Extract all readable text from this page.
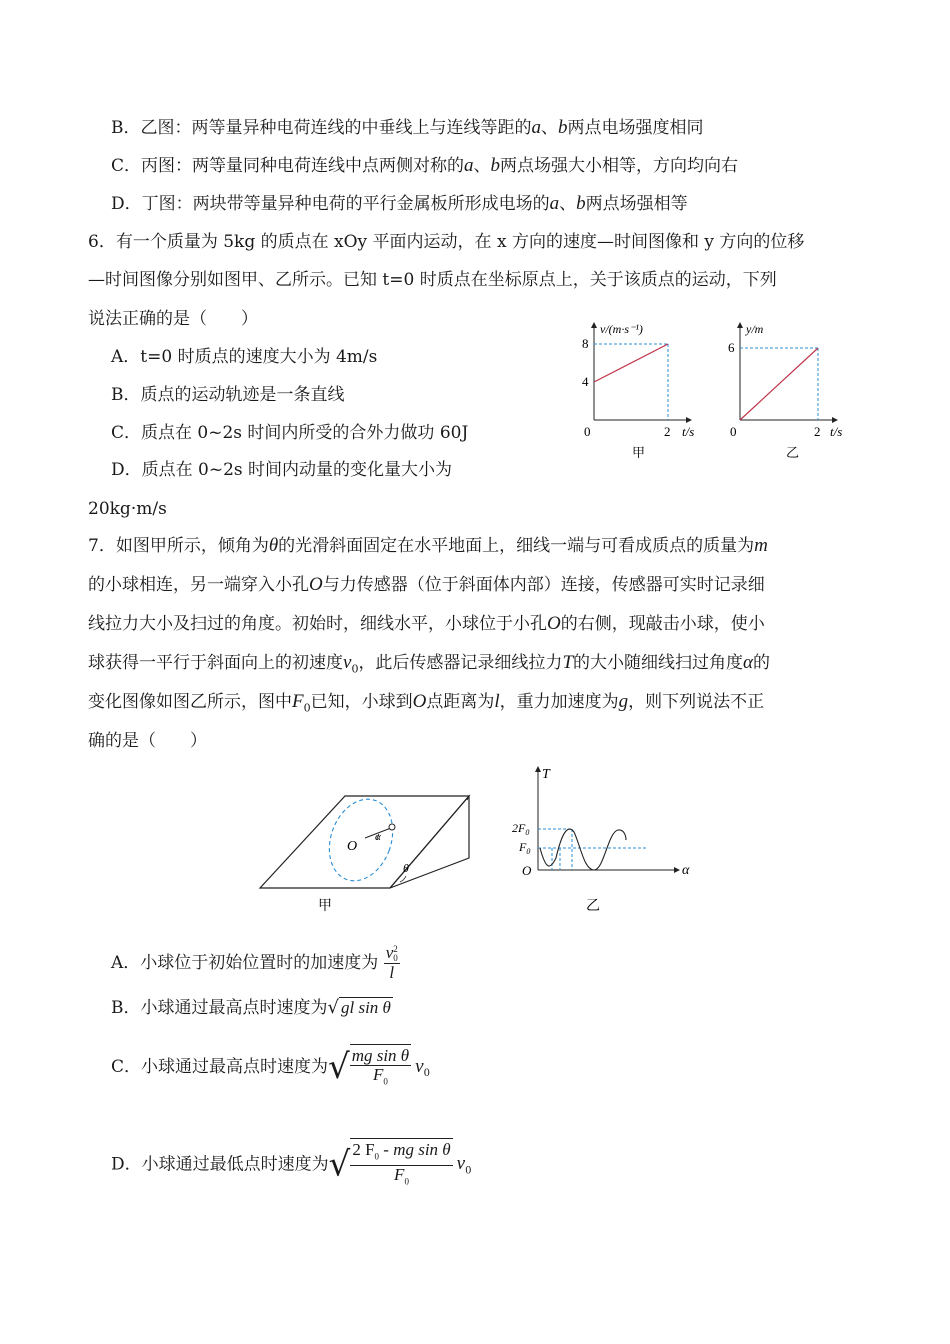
B．乙图：两等量异种电荷连线的中垂线上与连线等距的a、b两点电场强度相同
C．丙图：两等量同种电荷连线中点两侧对称的a、b两点场强大小相等，方向均向右
D．丁图：两块带等量异种电荷的平行金属板所形成电场的a、b两点场强相等
6．有一个质量为 5kg 的质点在 xOy 平面内运动，在 x 方向的速度—时间图像和 y 方向的位移
—时间图像分别如图甲、乙所示。已知 t=0 时质点在坐标原点上，关于该质点的运动，下列
说法正确的是（　　）
A．t=0 时质点的速度大小为 4m/s
B．质点的运动轨迹是一条直线
C．质点在 0~2s 时间内所受的合外力做功 60J
D．质点在 0~2s 时间内动量的变化量大小为
20kg·m/s
v/(m·s⁻¹)
8
4
0	2 t/s
甲
y/m
6
0	2 t/s
乙
7．如图甲所示，倾角为θ的光滑斜面固定在水平地面上，细线一端与可看成质点的质量为m
的小球相连，另一端穿入小孔O与力传感器（位于斜面体内部）连接，传感器可实时记录细
线拉力大小及扫过的角度。初始时，细线水平，小球位于小孔O的右侧，现敲击小球，使小
球获得一平行于斜面向上的初速度$v_0$，此后传感器记录细线拉力T的大小随细线扫过角度α的
变化图像如图乙所示，图中$F_0$已知，小球到O点距离为l，重力加速度为g，则下列说法不正
确的是（　　）
O
α
θ
甲
T
α
O
$2F_0$
$F_0$
乙
A．小球位于初始位置时的加速度为 v 2
0
l
B．小球通过最高点时速度为√ gl sin θ
C．小球通过最高点时速度为√ $\frac{\text{mg sin θ}}{F_0} v_0$
D．小球通过最低点时速度为√ $\frac{2 F_0 - mg \sin \theta}{F_0} v_0$
